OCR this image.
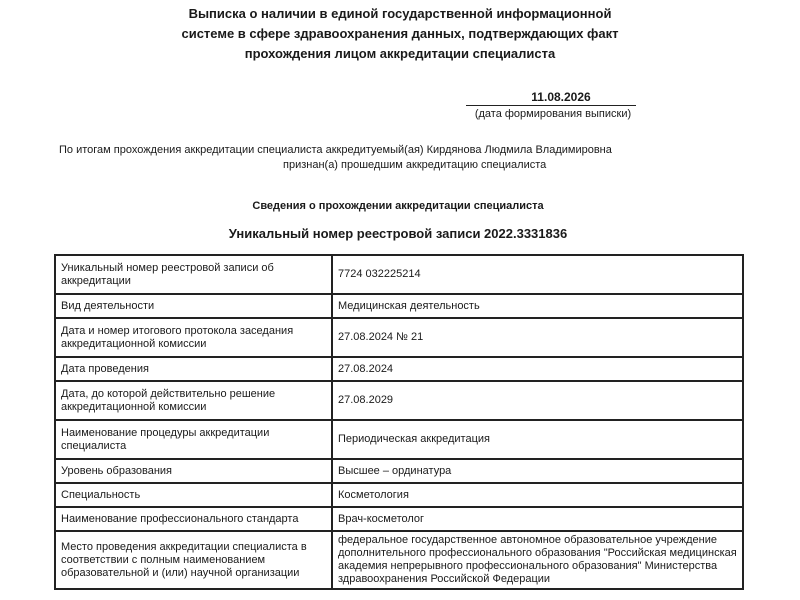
Выписка о наличии в единой государственной информационной
системе в сфере здравоохранения данных, подтверждающих факт
прохождения лицом аккредитации специалиста
11.08.2026
(дата формирования выписки)
По итогам прохождения аккредитации специалиста аккредитуемый(ая) Кирдянова Людмила Владимировна
признан(а) прошедшим аккредитацию специалиста
Сведения о прохождении аккредитации специалиста
Уникальный номер реестровой записи 2022.3331836
Уникальный номер реестровой записи об аккредитации	7724 032225214
Вид деятельности	Медицинская деятельность
Дата и номер итогового протокола заседания аккредитационной комиссии	27.08.2024 № 21
Дата проведения	27.08.2024
Дата, до которой действительно решение аккредитационной комиссии	27.08.2029
Наименование процедуры аккредитации специалиста	Периодическая аккредитация
Уровень образования	Высшее – ординатура
Специальность	Косметология
Наименование профессионального стандарта	Врач-косметолог
Место проведения аккредитации специалиста в соответствии с полным наименованием образовательной и (или) научной организации	федеральное государственное автономное образовательное учреждение дополнительного профессионального образования "Российская медицинская академия непрерывного профессионального образования" Министерства здравоохранения Российской Федерации
